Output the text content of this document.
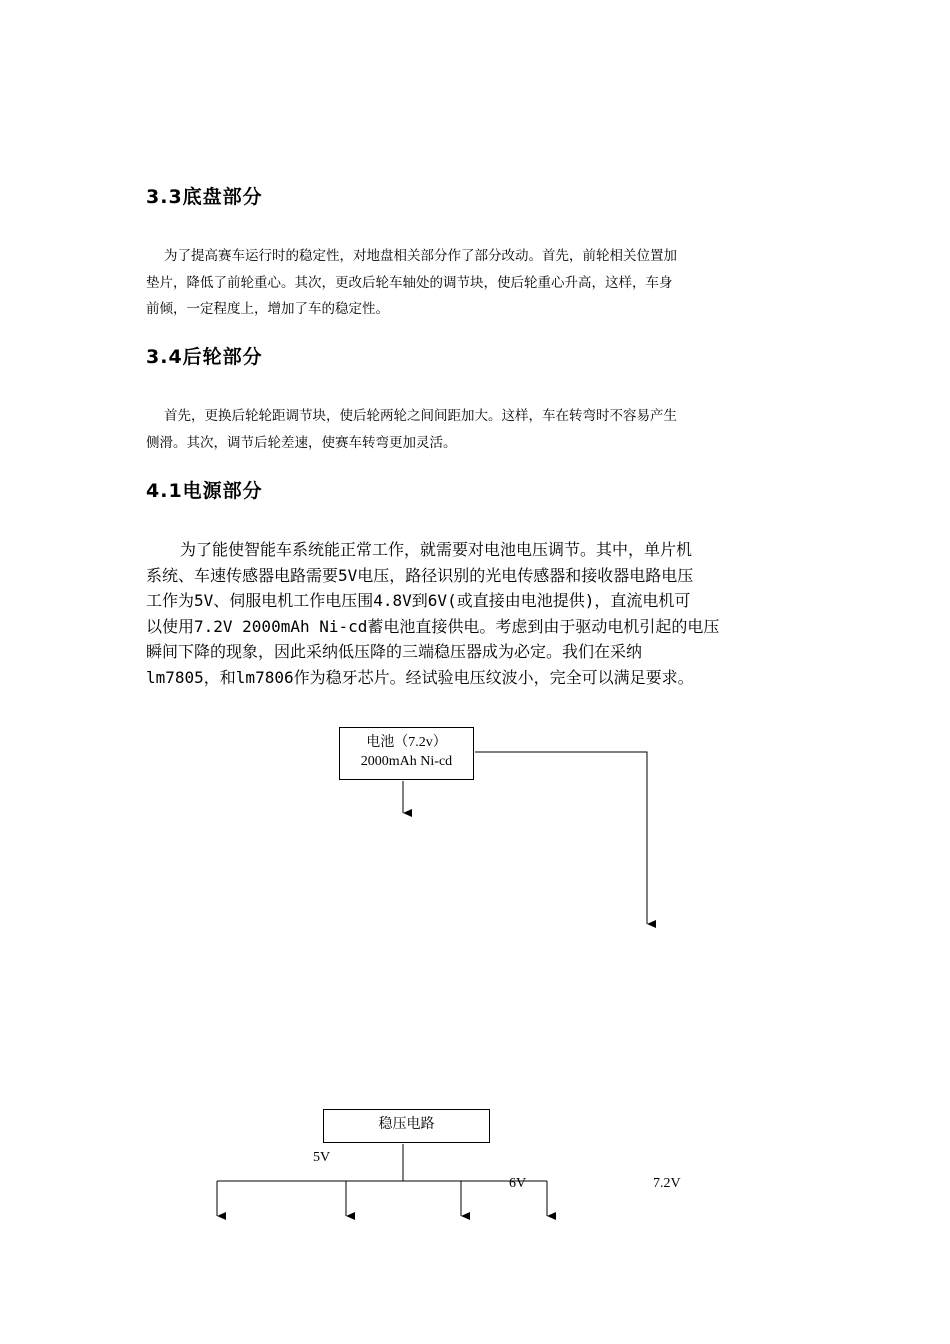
3.3底盘部分
为了提高赛车运行时的稳定性，对地盘相关部分作了部分改动。首先，前轮相关位置加
垫片，降低了前轮重心。其次，更改后轮车轴处的调节块，使后轮重心升高，这样，车身
前倾，一定程度上，增加了车的稳定性。
3.4后轮部分
首先，更换后轮轮距调节块，使后轮两轮之间间距加大。这样，车在转弯时不容易产生
侧滑。其次，调节后轮差速，使赛车转弯更加灵活。
4.1电源部分
为了能使智能车系统能正常工作，就需要对电池电压调节。其中，单片机
系统、车速传感器电路需要5V电压，路径识别的光电传感器和接收器电路电压
工作为5V、伺服电机工作电压围4.8V到6V(或直接由电池提供)，直流电机可
以使用7.2V 2000mAh Ni-cd蓄电池直接供电。考虑到由于驱动电机引起的电压
瞬间下降的现象，因此采纳低压降的三端稳压器成为必定。我们在采纳
lm7805，和lm7806作为稳牙芯片。经试验电压纹波小，完全可以满足要求。
电池（7.2v）
2000mAh Ni-cd
稳压电路
5V
6V	7.2V
